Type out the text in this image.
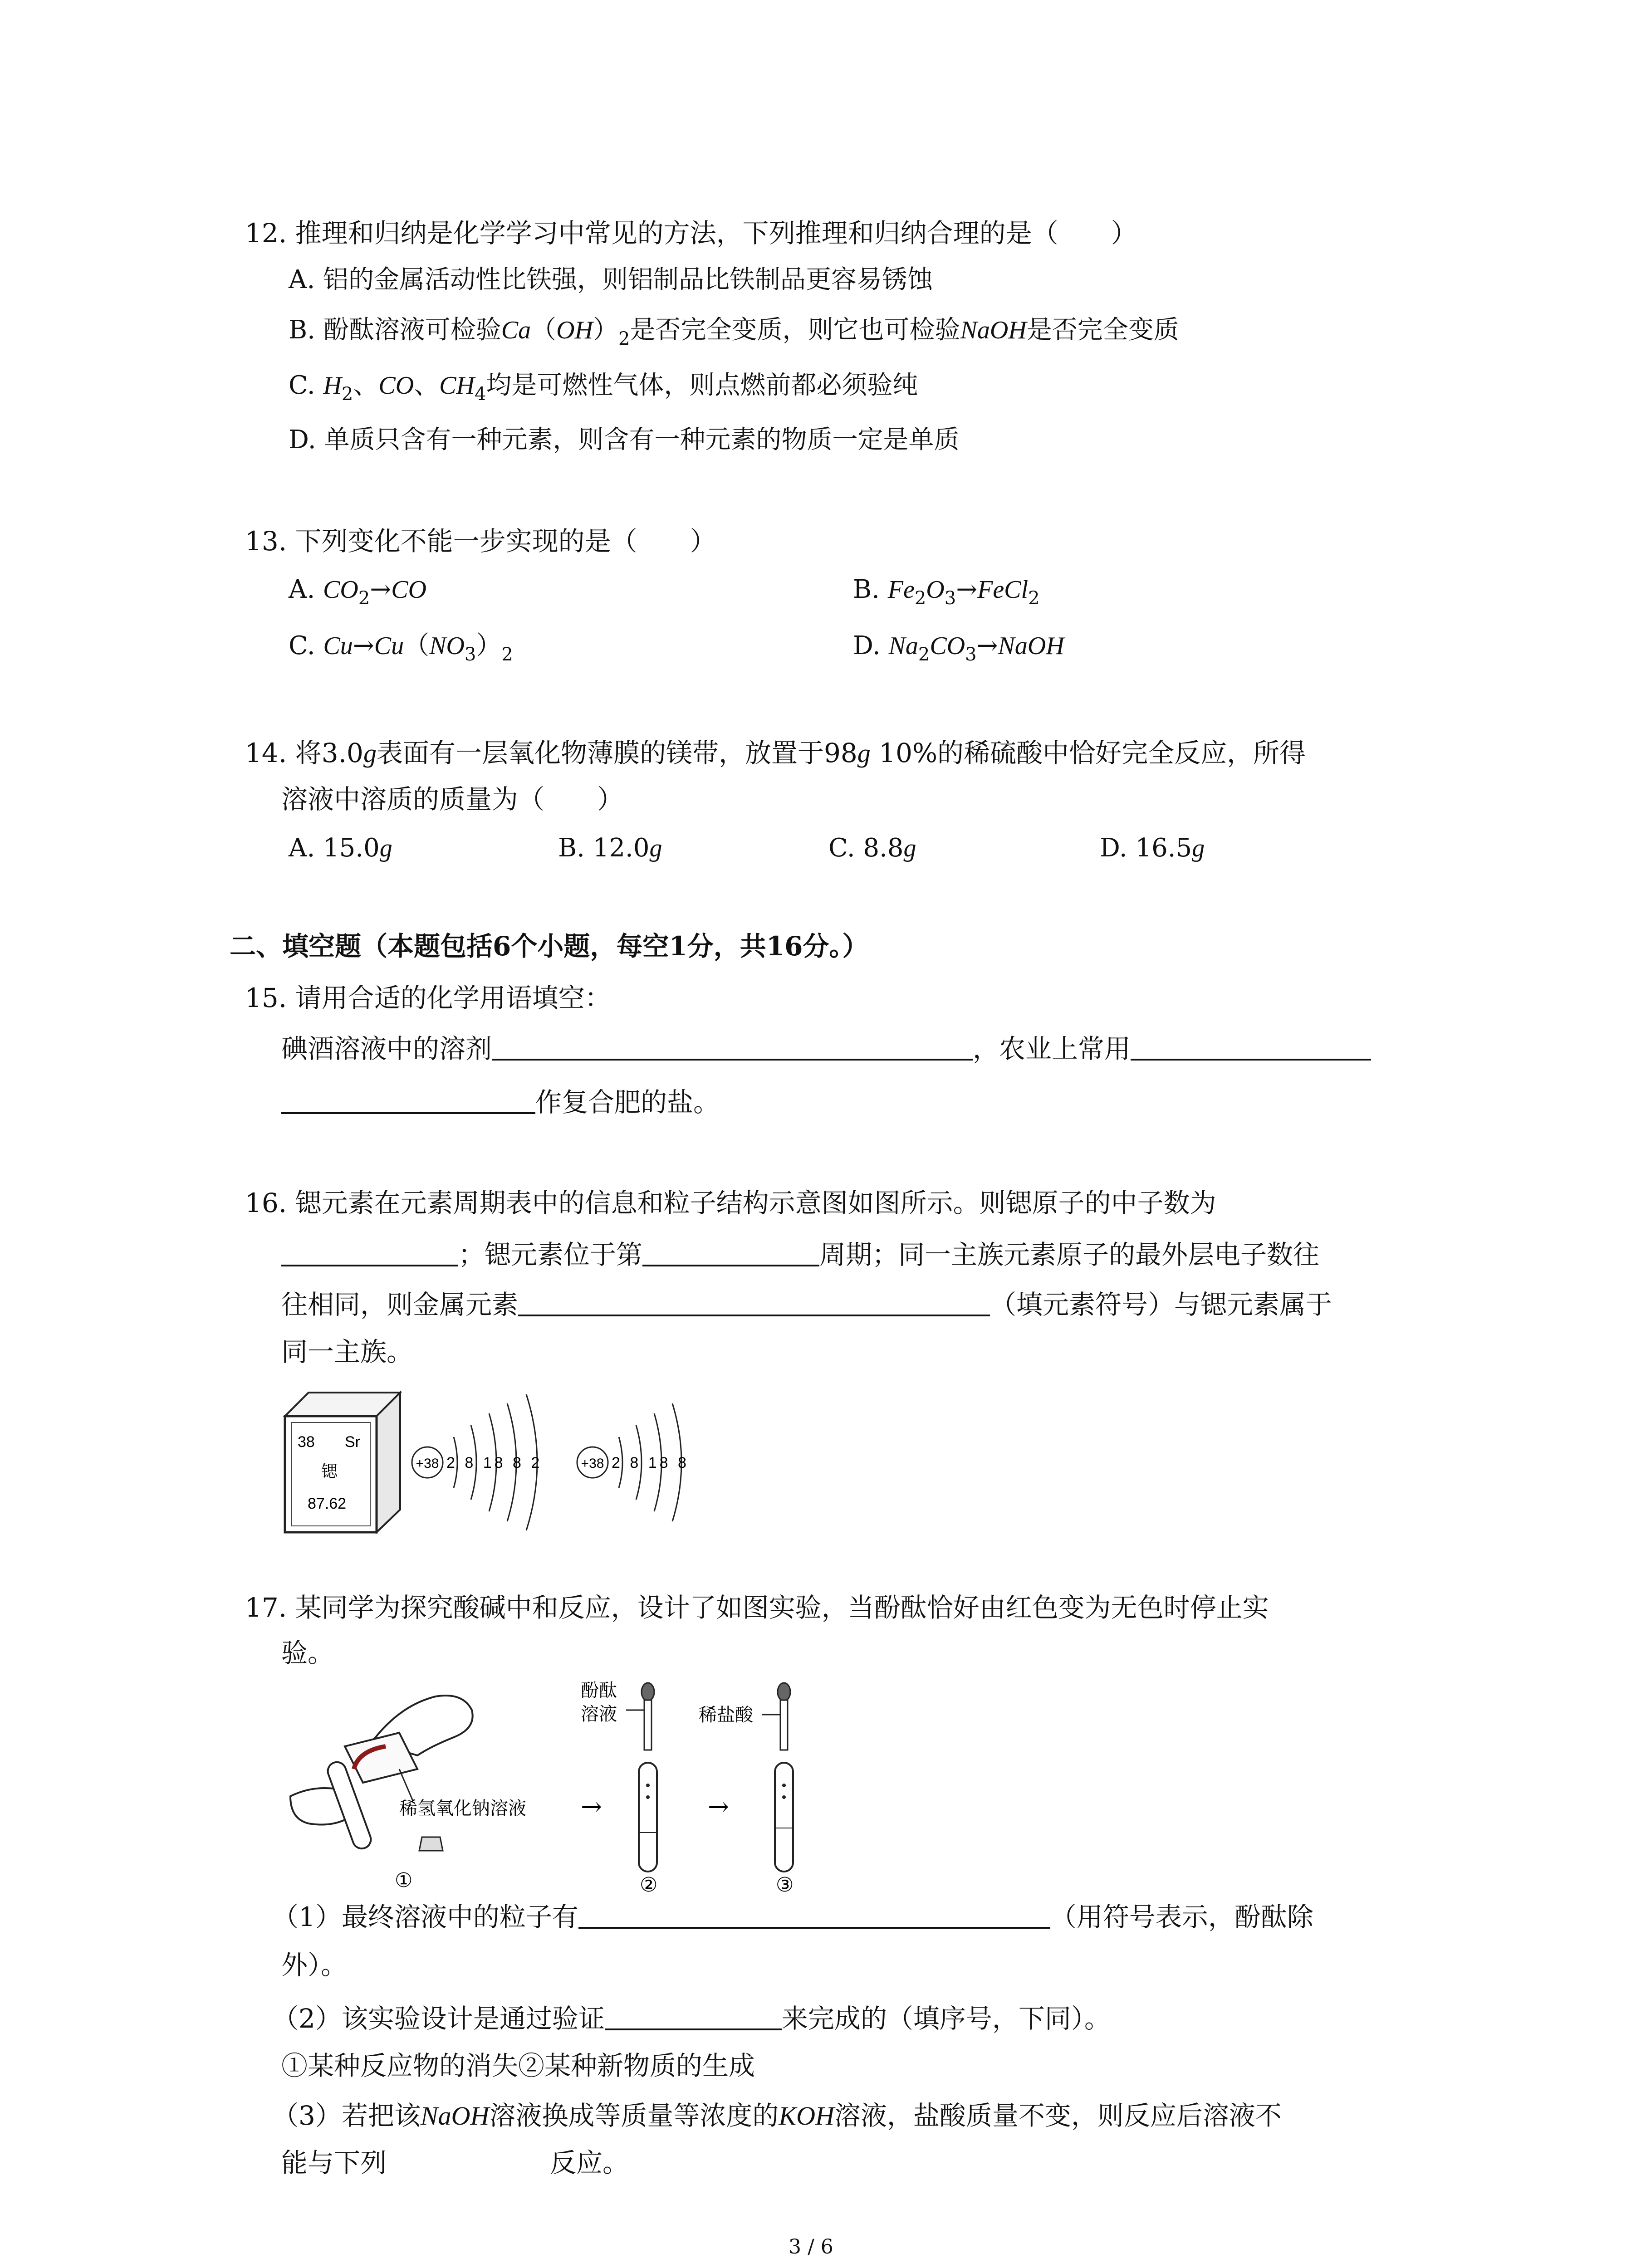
12. 推理和归纳是化学学习中常见的方法，下列推理和归纳合理的是（　　）
A. 铝的金属活动性比铁强，则铝制品比铁制品更容易锈蚀
B. 酚酞溶液可检验$Ca(OH)_2$是否完全变质，则它也可检验NaOH是否完全变质
C. $H_2$、CO、$CH_4$均是可燃性气体，则点燃前都必须验纯
D. 单质只含有一种元素，则含有一种元素的物质一定是单质
13. 下列变化不能一步实现的是（　　）
A. $CO_2\to CO$	B. $Fe_2O_3\to FeCl_2$
C. $Cu\to Cu(NO_3)_2$	D. $Na_2CO_3\to NaOH$
14. 将3.0g表面有一层氧化物薄膜的镁带，放置于98g 10%的稀硫酸中恰好完全反应，所得
溶液中溶质的质量为（　　）
A. 15.0g	B. 12.0g	C. 8.8g	D. 16.5g
二、填空题（本题包括6个小题，每空1分，共16分。）
15. 请用合适的化学用语填空：
碘酒溶液中的溶剂	，农业上常用
作复合肥的盐。
16. 锶元素在元素周期表中的信息和粒子结构示意图如图所示。则锶原子的中子数为
；锶元素位于第	周期；同一主族元素原子的最外层电子数往
往相同，则金属元素	（填元素符号）与锶元素属于
同一主族。
38 Sr
锶
87.62
+38 2 8 18 8 2	+38 2 8 18 8
17. 某同学为探究酸碱中和反应，设计了如图实验，当酚酞恰好由红色变为无色时停止实
验。
稀氢氧化钠溶液
①
→
酚酞
溶液
②
→
稀盐酸
③
（1）最终溶液中的粒子有	（用符号表示，酚酞除
外）。
（2）该实验设计是通过验证	来完成的（填序号，下同）。
①某种反应物的消失②某种新物质的生成
（3）若把该NaOH溶液换成等质量等浓度的KOH溶液，盐酸质量不变，则反应后溶液不
能与下列	反应。
3 / 6
